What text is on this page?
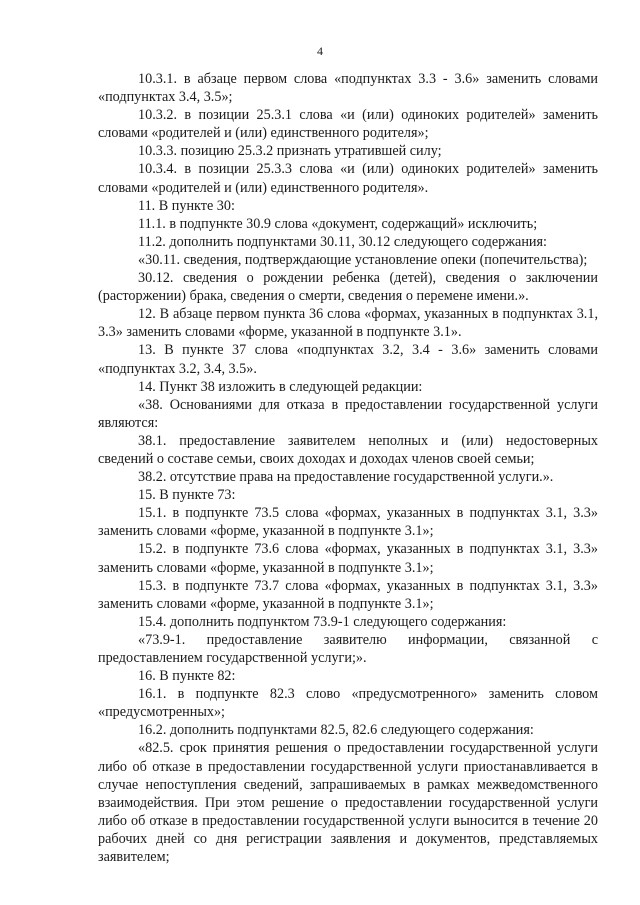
4

10.3.1. в абзаце первом слова «подпунктах 3.3 - 3.6» заменить словами «подпунктах 3.4, 3.5»;

10.3.2. в позиции 25.3.1 слова «и (или) одиноких родителей» заменить словами «родителей и (или) единственного родителя»;

10.3.3. позицию 25.3.2 признать утратившей силу;

10.3.4. в позиции 25.3.3 слова «и (или) одиноких родителей» заменить словами «родителей и (или) единственного родителя».

11. В пункте 30:

11.1. в подпункте 30.9 слова «документ, содержащий» исключить;

11.2. дополнить подпунктами 30.11, 30.12 следующего содержания:

«30.11. сведения, подтверждающие установление опеки (попечительства);

30.12. сведения о рождении ребенка (детей), сведения о заключении (расторжении) брака, сведения о смерти, сведения о перемене имени.».

12. В абзаце первом пункта 36 слова «формах, указанных в подпунктах 3.1, 3.3» заменить словами «форме, указанной в подпункте 3.1».

13. В пункте 37 слова «подпунктах 3.2, 3.4 - 3.6» заменить словами «подпунктах 3.2, 3.4, 3.5».

14. Пункт 38 изложить в следующей редакции:

«38. Основаниями для отказа в предоставлении государственной услуги являются:

38.1. предоставление заявителем неполных и (или) недостоверных сведений о составе семьи, своих доходах и доходах членов своей семьи;

38.2. отсутствие права на предоставление государственной услуги.».

15. В пункте 73:

15.1. в подпункте 73.5 слова «формах, указанных в подпунктах 3.1, 3.3» заменить словами «форме, указанной в подпункте 3.1»;

15.2. в подпункте 73.6 слова «формах, указанных в подпунктах 3.1, 3.3» заменить словами «форме, указанной в подпункте 3.1»;

15.3. в подпункте 73.7 слова «формах, указанных в подпунктах 3.1, 3.3» заменить словами «форме, указанной в подпункте 3.1»;

15.4. дополнить подпунктом 73.9-1 следующего содержания:

«73.9-1. предоставление заявителю информации, связанной с предоставлением государственной услуги;».

16. В пункте 82:

16.1. в подпункте 82.3 слово «предусмотренного» заменить словом «предусмотренных»;

16.2. дополнить подпунктами 82.5, 82.6 следующего содержания:

«82.5. срок принятия решения о предоставлении государственной услуги либо об отказе в предоставлении государственной услуги приостанавливается в случае непоступления сведений, запрашиваемых в рамках межведомственного взаимодействия. При этом решение о предоставлении государственной услуги либо об отказе в предоставлении государственной услуги выносится в течение 20 рабочих дней со дня регистрации заявления и документов, представляемых заявителем;
